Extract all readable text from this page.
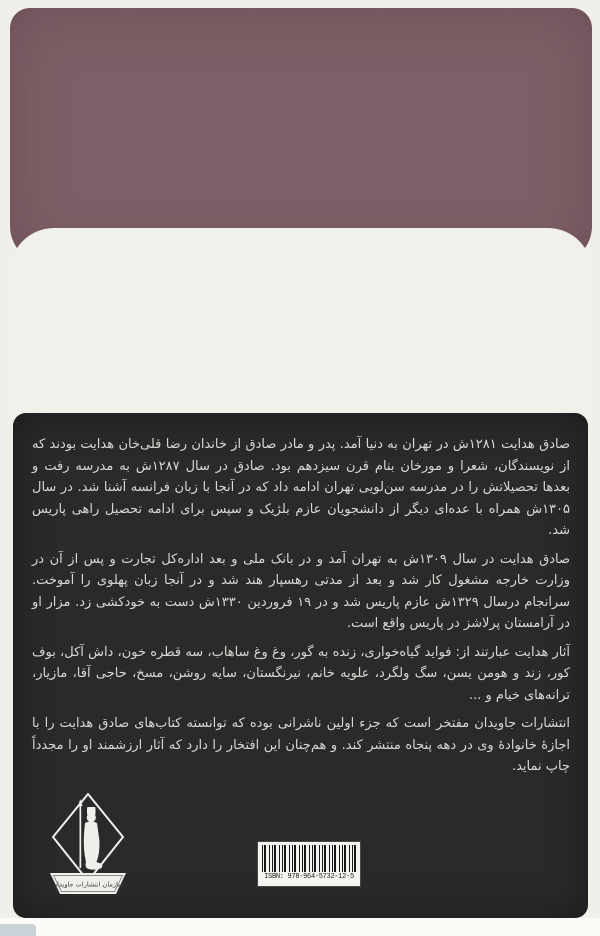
صادق هدایت ۱۲۸۱ش در تهران به دنیا آمد. پدر و مادر صادق از خاندان رضا قلی‌خان هدایت بودند که از نویسندگان، شعرا و مورخان بنام قرن سیزدهم بود. صادق در سال ۱۲۸۷ش به مدرسه رفت و بعدها تحصیلاتش را در مدرسه سن‌لویی تهران ادامه داد که در آنجا با زبان فرانسه آشنا شد. در سال ۱۳۰۵ش همراه با عده‌ای دیگر از دانشجویان عازم بلژیک و سپس برای ادامه تحصیل راهی پاریس شد.

صادق هدایت در سال ۱۳۰۹ش به تهران آمد و در بانک ملی و بعد اداره‌کل تجارت و پس از آن در وزارت خارجه مشغول کار شد و بعد از مدتی رهسپار هند شد و در آنجا زبان پهلوی را آموخت. سرانجام درسال ۱۳۲۹ش عازم پاریس شد و در ۱۹ فروردین ۱۳۳۰ش دست به خودکشی زد. مزار او در آرامستان پرلاشز در پاریس واقع است.

آثار هدایت عبارتند از: فواید گیاه‌خواری، زنده به گور، وغ وغ ساهاب، سه قطره خون، داش آکل، بوف کور، زند و هومن یسن، سگ ولگرد، علویه خانم، نیرنگستان، سایه روشن، مسخ، حاجی آقا، مازیار، ترانه‌های خیام و ...

انتشارات جاویدان مفتخر است که جزء اولین ناشرانی بوده که توانسته کتاب‌های صادق هدایت را با اجازهٔ خانوادهٔ وی در دهه پنجاه منتشر کند. و هم‌چنان این افتخار را دارد که آثار ارزشمند او را مجدداً چاپ نماید.

سازمان انتشارات جاویدان
ISBN: 978-964-5732-12-5
